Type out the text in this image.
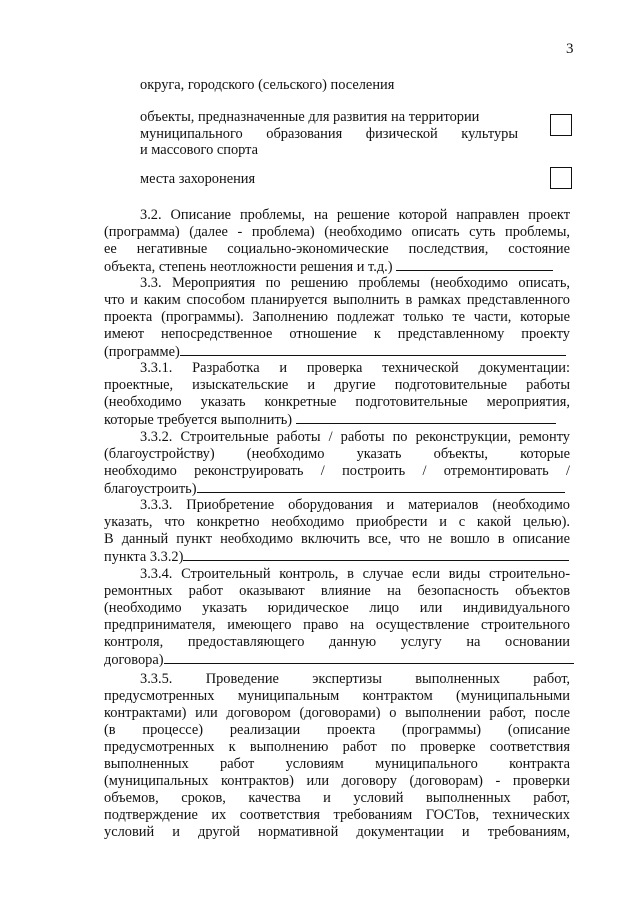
3
округа, городского (сельского) поселения
объекты, предназначенные для развития на территории
муниципального образования физической культуры
и массового спорта
места захоронения
3.2. Описание проблемы, на решение которой направлен проект
(программа) (далее - проблема) (необходимо описать суть проблемы,
ее негативные социально-экономические последствия, состояние
объекта, степень неотложности решения и т.д.)
3.3. Мероприятия по решению проблемы (необходимо описать,
что и каким способом планируется выполнить в рамках представленного
проекта (программы). Заполнению подлежат только те части, которые
имеют непосредственное отношение к представленному проекту
(программе)
3.3.1. Разработка и проверка технической документации:
проектные, изыскательские и другие подготовительные работы
(необходимо указать конкретные подготовительные мероприятия,
которые требуется выполнить)
3.3.2. Строительные работы / работы по реконструкции, ремонту
(благоустройству) (необходимо указать объекты, которые
необходимо реконструировать / построить / отремонтировать /
благоустроить)
3.3.3. Приобретение оборудования и материалов (необходимо
указать, что конкретно необходимо приобрести и с какой целью).
В данный пункт необходимо включить все, что не вошло в описание
пункта 3.3.2)
3.3.4. Строительный контроль, в случае если виды строительно-
ремонтных работ оказывают влияние на безопасность объектов
(необходимо указать юридическое лицо или индивидуального
предпринимателя, имеющего право на осуществление строительного
контроля, предоставляющего данную услугу на основании
договора)
3.3.5. Проведение экспертизы выполненных работ,
предусмотренных муниципальным контрактом (муниципальными
контрактами) или договором (договорами) о выполнении работ, после
(в процессе) реализации проекта (программы) (описание
предусмотренных к выполнению работ по проверке соответствия
выполненных работ условиям муниципального контракта
(муниципальных контрактов) или договору (договорам) - проверки
объемов, сроков, качества и условий выполненных работ,
подтверждение их соответствия требованиям ГОСТов, технических
условий и другой нормативной документации и требованиям,
